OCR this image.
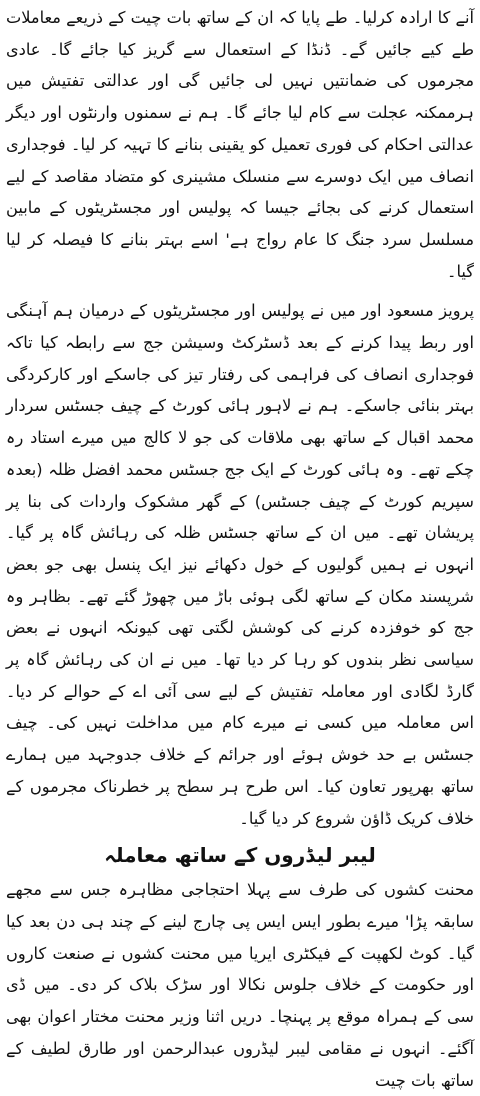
آنے کا ارادہ کرلیا۔ طے پایا کہ ان کے ساتھ بات چیت کے ذریعے معاملات طے کیے جائیں گے۔ ڈنڈا کے استعمال سے گریز کیا جائے گا۔ عادی مجرموں کی ضمانتیں نہیں لی جائیں گی اور عدالتی تفتیش میں ہرممکنہ عجلت سے کام لیا جائے گا۔ ہم نے سمنوں وارنٹوں اور دیگر عدالتی احکام کی فوری تعمیل کو یقینی بنانے کا تہیہ کر لیا۔ فوجداری انصاف میں ایک دوسرے سے منسلک مشینری کو متضاد مقاصد کے لیے استعمال کرنے کی بجائے جیسا کہ پولیس اور مجسٹریٹوں کے مابین مسلسل سرد جنگ کا عام رواج ہے' اسے بہتر بنانے کا فیصلہ کر لیا گیا۔

پرویز مسعود اور میں نے پولیس اور مجسٹریٹوں کے درمیان ہم آہنگی اور ربط پیدا کرنے کے بعد ڈسٹرکٹ وسیشن جج سے رابطہ کیا تاکہ فوجداری انصاف کی فراہمی کی رفتار تیز کی جاسکے اور کارکردگی بہتر بنائی جاسکے۔ ہم نے لاہور ہائی کورٹ کے چیف جسٹس سردار محمد اقبال کے ساتھ بھی ملاقات کی جو لا کالج میں میرے استاد رہ چکے تھے۔ وہ ہائی کورٹ کے ایک جج جسٹس محمد افضل ظلہ (بعدہ سپریم کورٹ کے چیف جسٹس) کے گھر مشکوک واردات کی بنا پر پریشان تھے۔ میں ان کے ساتھ جسٹس ظلہ کی رہائش گاہ پر گیا۔ انہوں نے ہمیں گولیوں کے خول دکھائے نیز ایک پنسل بھی جو بعض شرپسند مکان کے ساتھ لگی ہوئی باڑ میں چھوڑ گئے تھے۔ بظاہر وہ جج کو خوفزدہ کرنے کی کوشش لگتی تھی کیونکہ انہوں نے بعض سیاسی نظر بندوں کو رہا کر دیا تھا۔ میں نے ان کی رہائش گاہ پر گارڈ لگادی اور معاملہ تفتیش کے لیے سی آئی اے کے حوالے کر دیا۔ اس معاملہ میں کسی نے میرے کام میں مداخلت نہیں کی۔ چیف جسٹس بے حد خوش ہوئے اور جرائم کے خلاف جدوجہد میں ہمارے ساتھ بھرپور تعاون کیا۔ اس طرح ہر سطح پر خطرناک مجرموں کے خلاف کریک ڈاؤن شروع کر دیا گیا۔

لیبر لیڈروں کے ساتھ معاملہ

محنت کشوں کی طرف سے پہلا احتجاجی مظاہرہ جس سے مجھے سابقہ پڑا' میرے بطور ایس ایس پی چارج لینے کے چند ہی دن بعد کیا گیا۔ کوٹ لکھپت کے فیکٹری ایریا میں محنت کشوں نے صنعت کاروں اور حکومت کے خلاف جلوس نکالا اور سڑک بلاک کر دی۔ میں ڈی سی کے ہمراہ موقع پر پہنچا۔ دریں اثنا وزیر محنت مختار اعوان بھی آگئے۔ انہوں نے مقامی لیبر لیڈروں عبدالرحمن اور طارق لطیف کے ساتھ بات چیت
